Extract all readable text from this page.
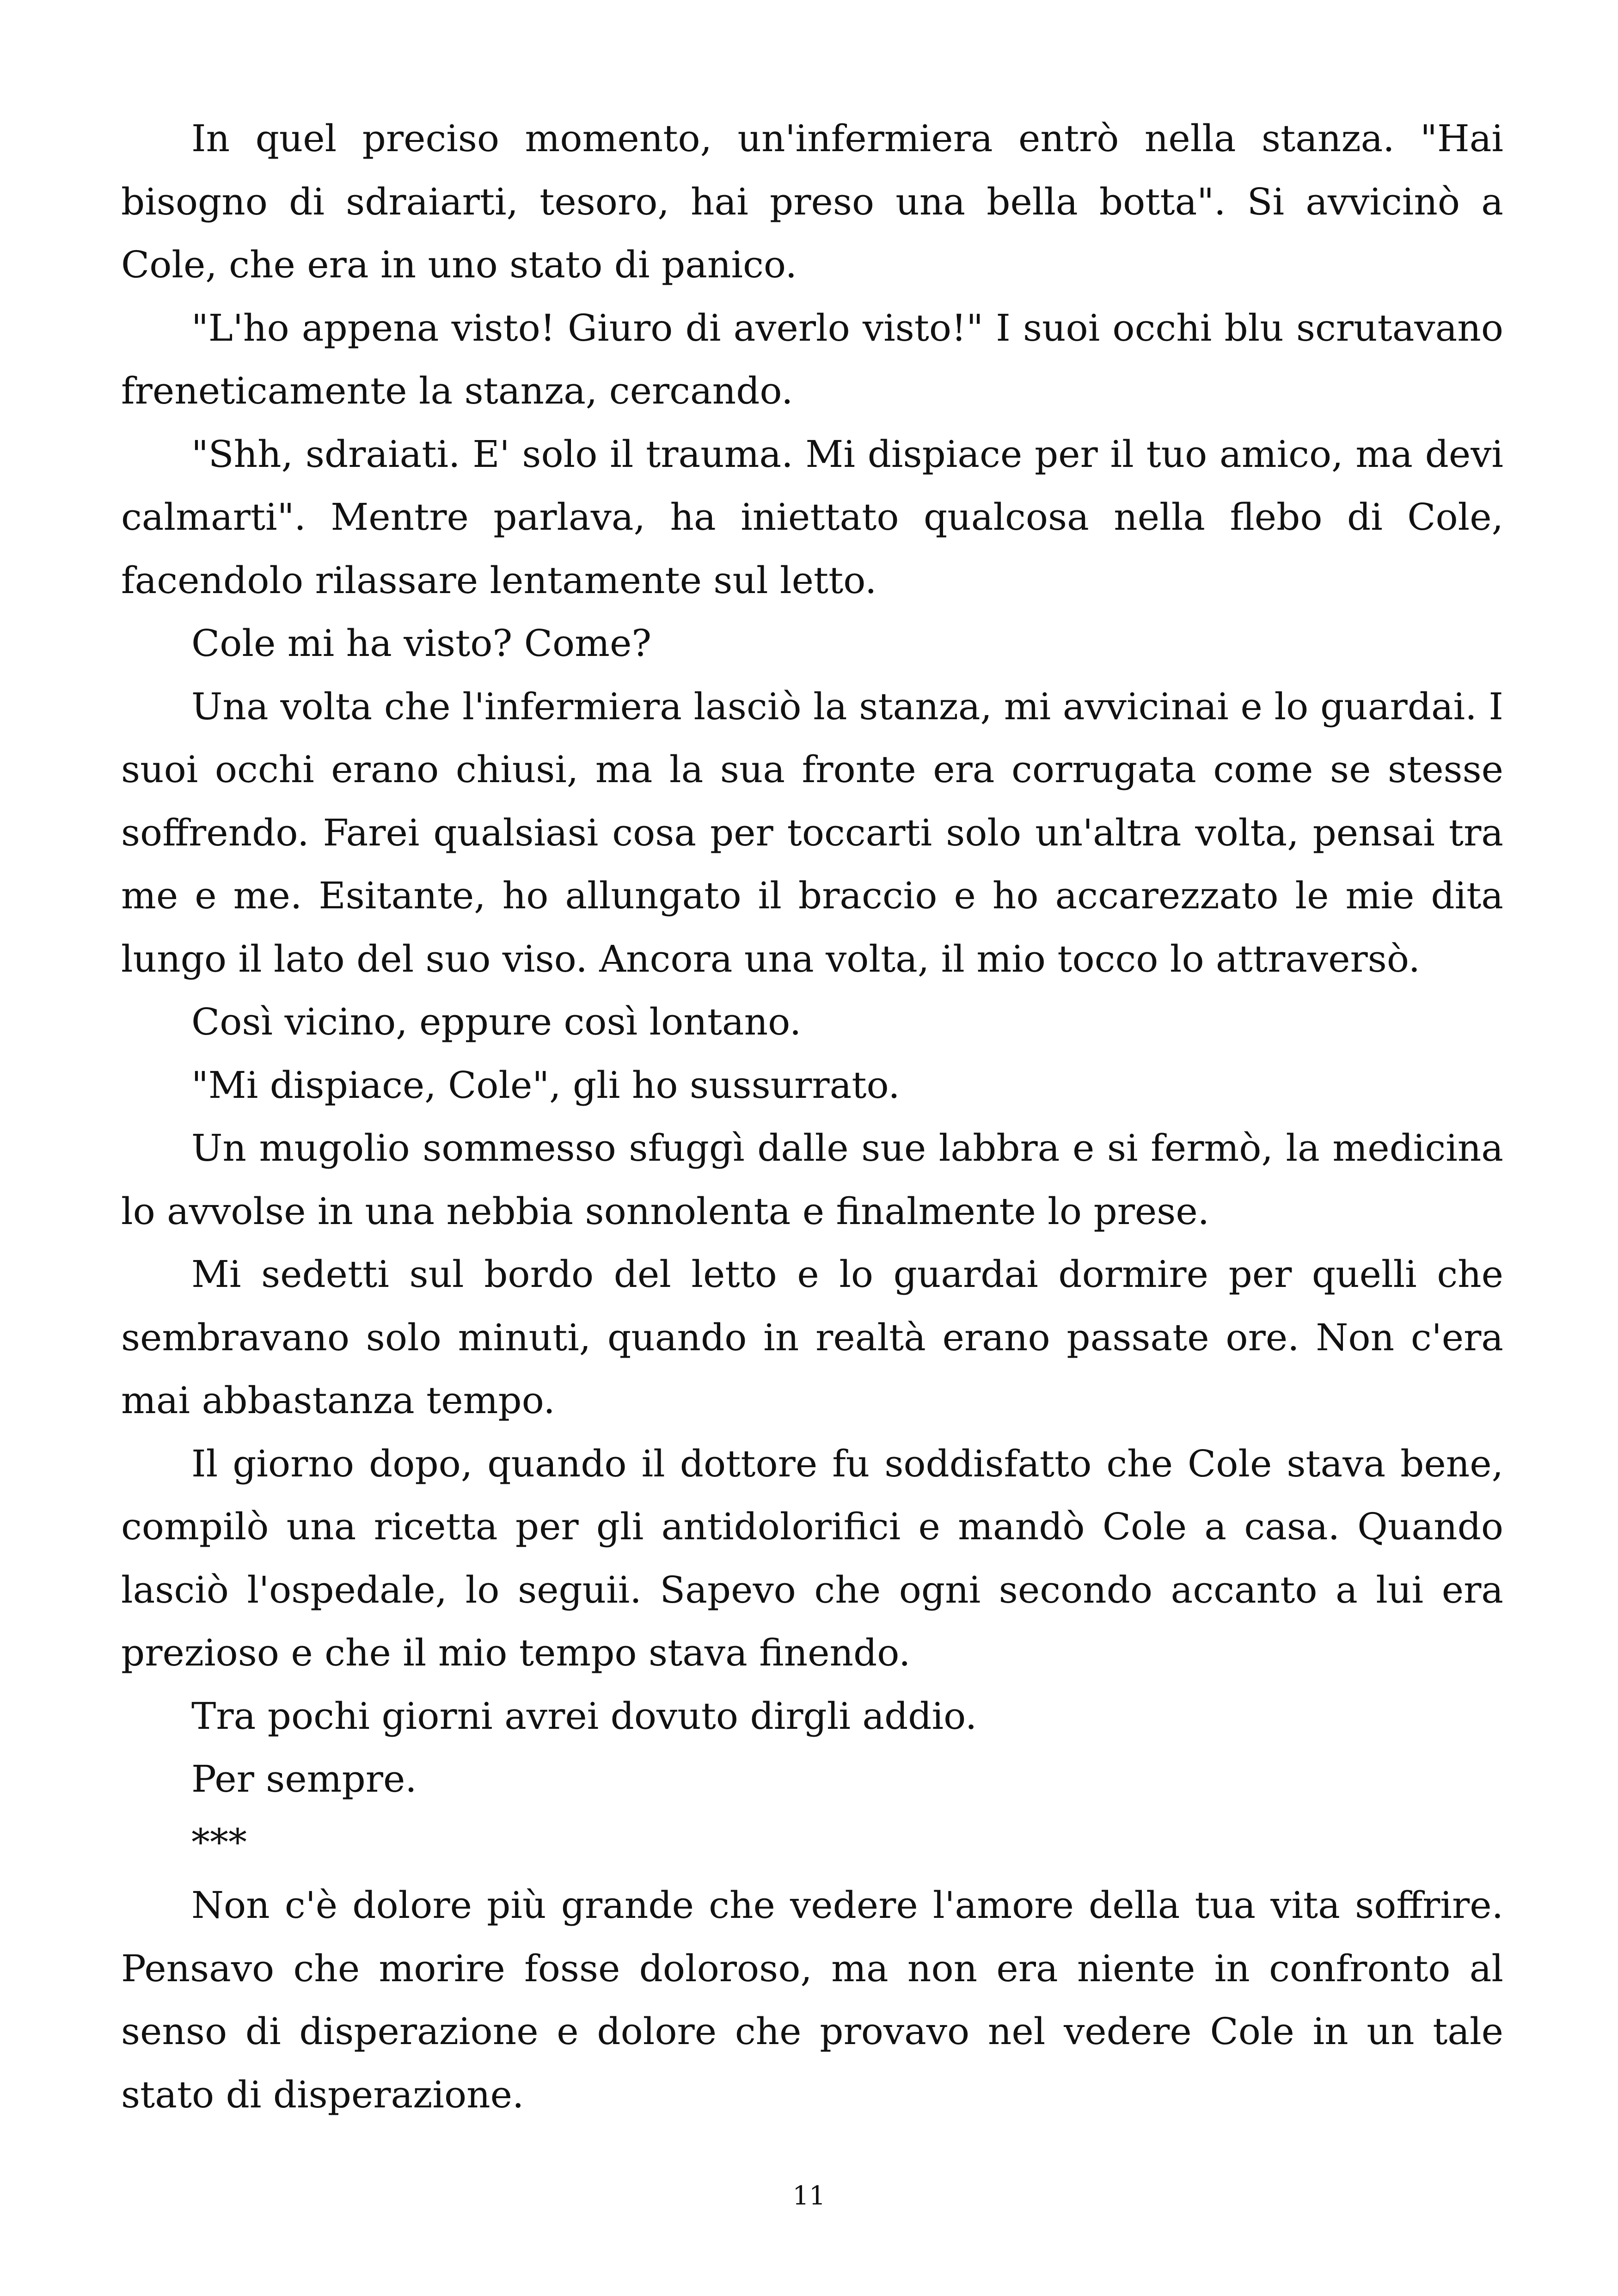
In quel preciso momento, un'infermiera entrò nella stanza. "Hai bisogno di sdraiarti, tesoro, hai preso una bella botta". Si avvicinò a Cole, che era in uno stato di panico.

"L'ho appena visto! Giuro di averlo visto!" I suoi occhi blu scrutavano freneticamente la stanza, cercando.

"Shh, sdraiati. E' solo il trauma. Mi dispiace per il tuo amico, ma devi calmarti". Mentre parlava, ha iniettato qualcosa nella flebo di Cole, facendolo rilassare lentamente sul letto.

Cole mi ha visto? Come?

Una volta che l'infermiera lasciò la stanza, mi avvicinai e lo guardai. I suoi occhi erano chiusi, ma la sua fronte era corrugata come se stesse soffrendo. Farei qualsiasi cosa per toccarti solo un'altra volta, pensai tra me e me. Esitante, ho allungato il braccio e ho accarezzato le mie dita lungo il lato del suo viso. Ancora una volta, il mio tocco lo attraversò.

Così vicino, eppure così lontano.

"Mi dispiace, Cole", gli ho sussurrato.

Un mugolio sommesso sfuggì dalle sue labbra e si fermò, la medicina lo avvolse in una nebbia sonnolenta e finalmente lo prese.

Mi sedetti sul bordo del letto e lo guardai dormire per quelli che sembravano solo minuti, quando in realtà erano passate ore. Non c'era mai abbastanza tempo.

Il giorno dopo, quando il dottore fu soddisfatto che Cole stava bene, compilò una ricetta per gli antidolorifici e mandò Cole a casa. Quando lasciò l'ospedale, lo seguii. Sapevo che ogni secondo accanto a lui era prezioso e che il mio tempo stava finendo.

Tra pochi giorni avrei dovuto dirgli addio.

Per sempre.

***

Non c'è dolore più grande che vedere l'amore della tua vita soffrire. Pensavo che morire fosse doloroso, ma non era niente in confronto al senso di disperazione e dolore che provavo nel vedere Cole in un tale stato di disperazione.

11
